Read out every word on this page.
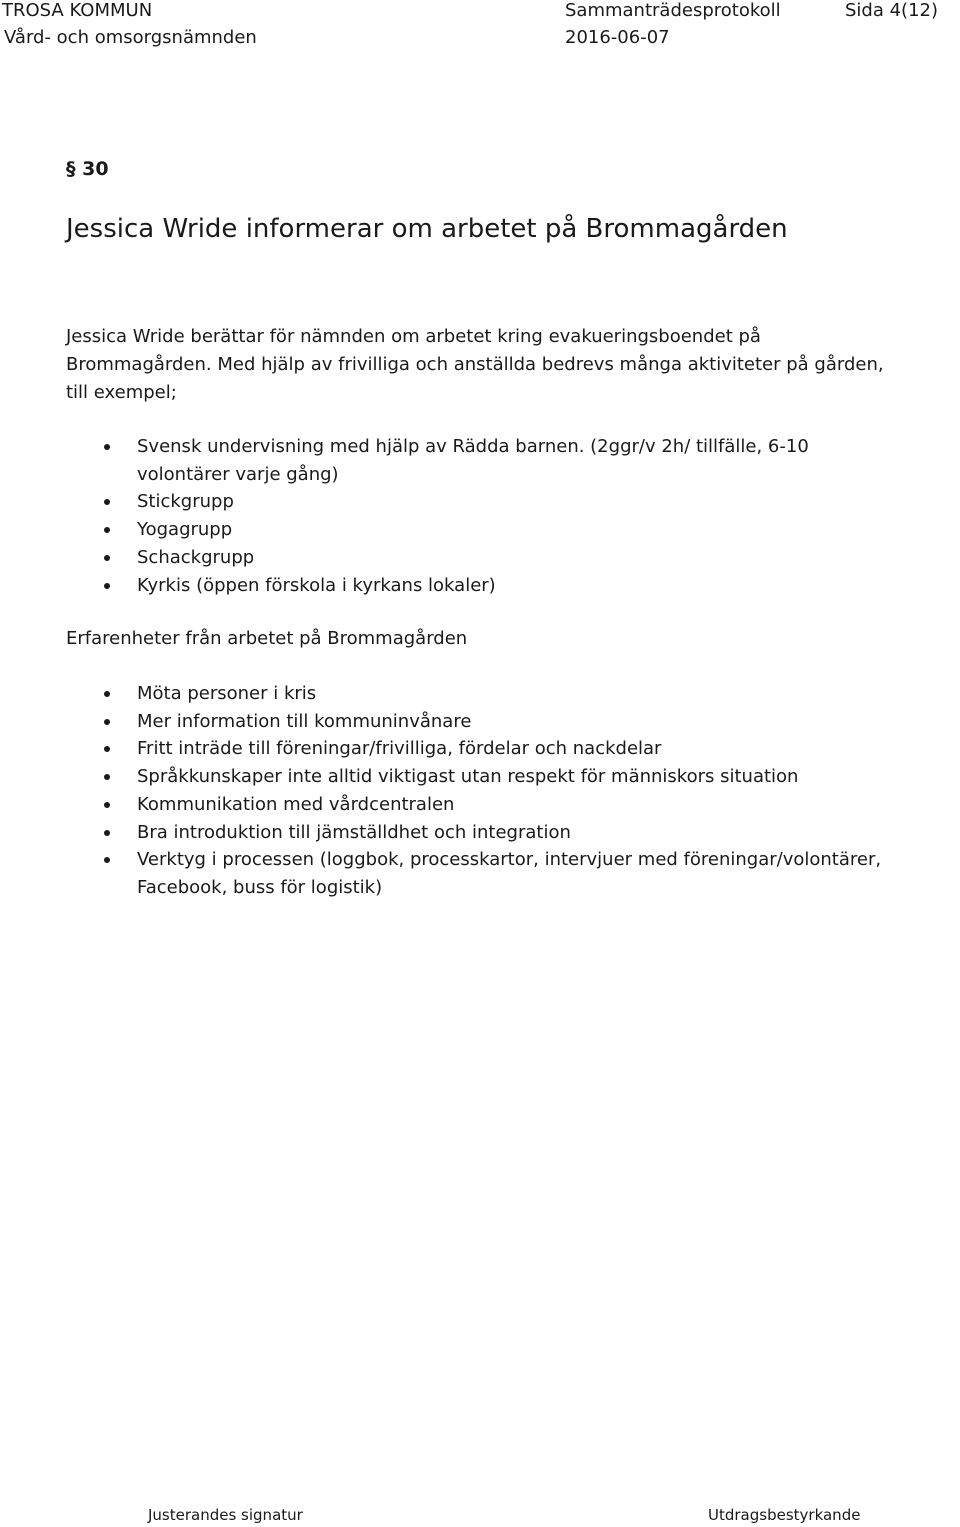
TROSA KOMMUN
Vård- och omsorgsnämnden
Sammanträdesprotokoll
2016-06-07
Sida 4(12)
§ 30
Jessica Wride informerar om arbetet på Brommagården
Jessica Wride berättar för nämnden om arbetet kring evakueringsboendet på Brommagården. Med hjälp av frivilliga och anställda bedrevs många aktiviteter på gården, till exempel;
Svensk undervisning med hjälp av Rädda barnen. (2ggr/v 2h/ tillfälle, 6-10 volontärer varje gång)
Stickgrupp
Yogagrupp
Schackgrupp
Kyrkis (öppen förskola i kyrkans lokaler)
Erfarenheter från arbetet på Brommagården
Möta personer i kris
Mer information till kommuninvånare
Fritt inträde till föreningar/frivilliga, fördelar och nackdelar
Språkkunskaper inte alltid viktigast utan respekt för människors situation
Kommunikation med vårdcentralen
Bra introduktion till jämställdhet och integration
Verktyg i processen (loggbok, processkartor, intervjuer med föreningar/volontärer, Facebook, buss för logistik)
Justerandes signatur	Utdragsbestyrkande
